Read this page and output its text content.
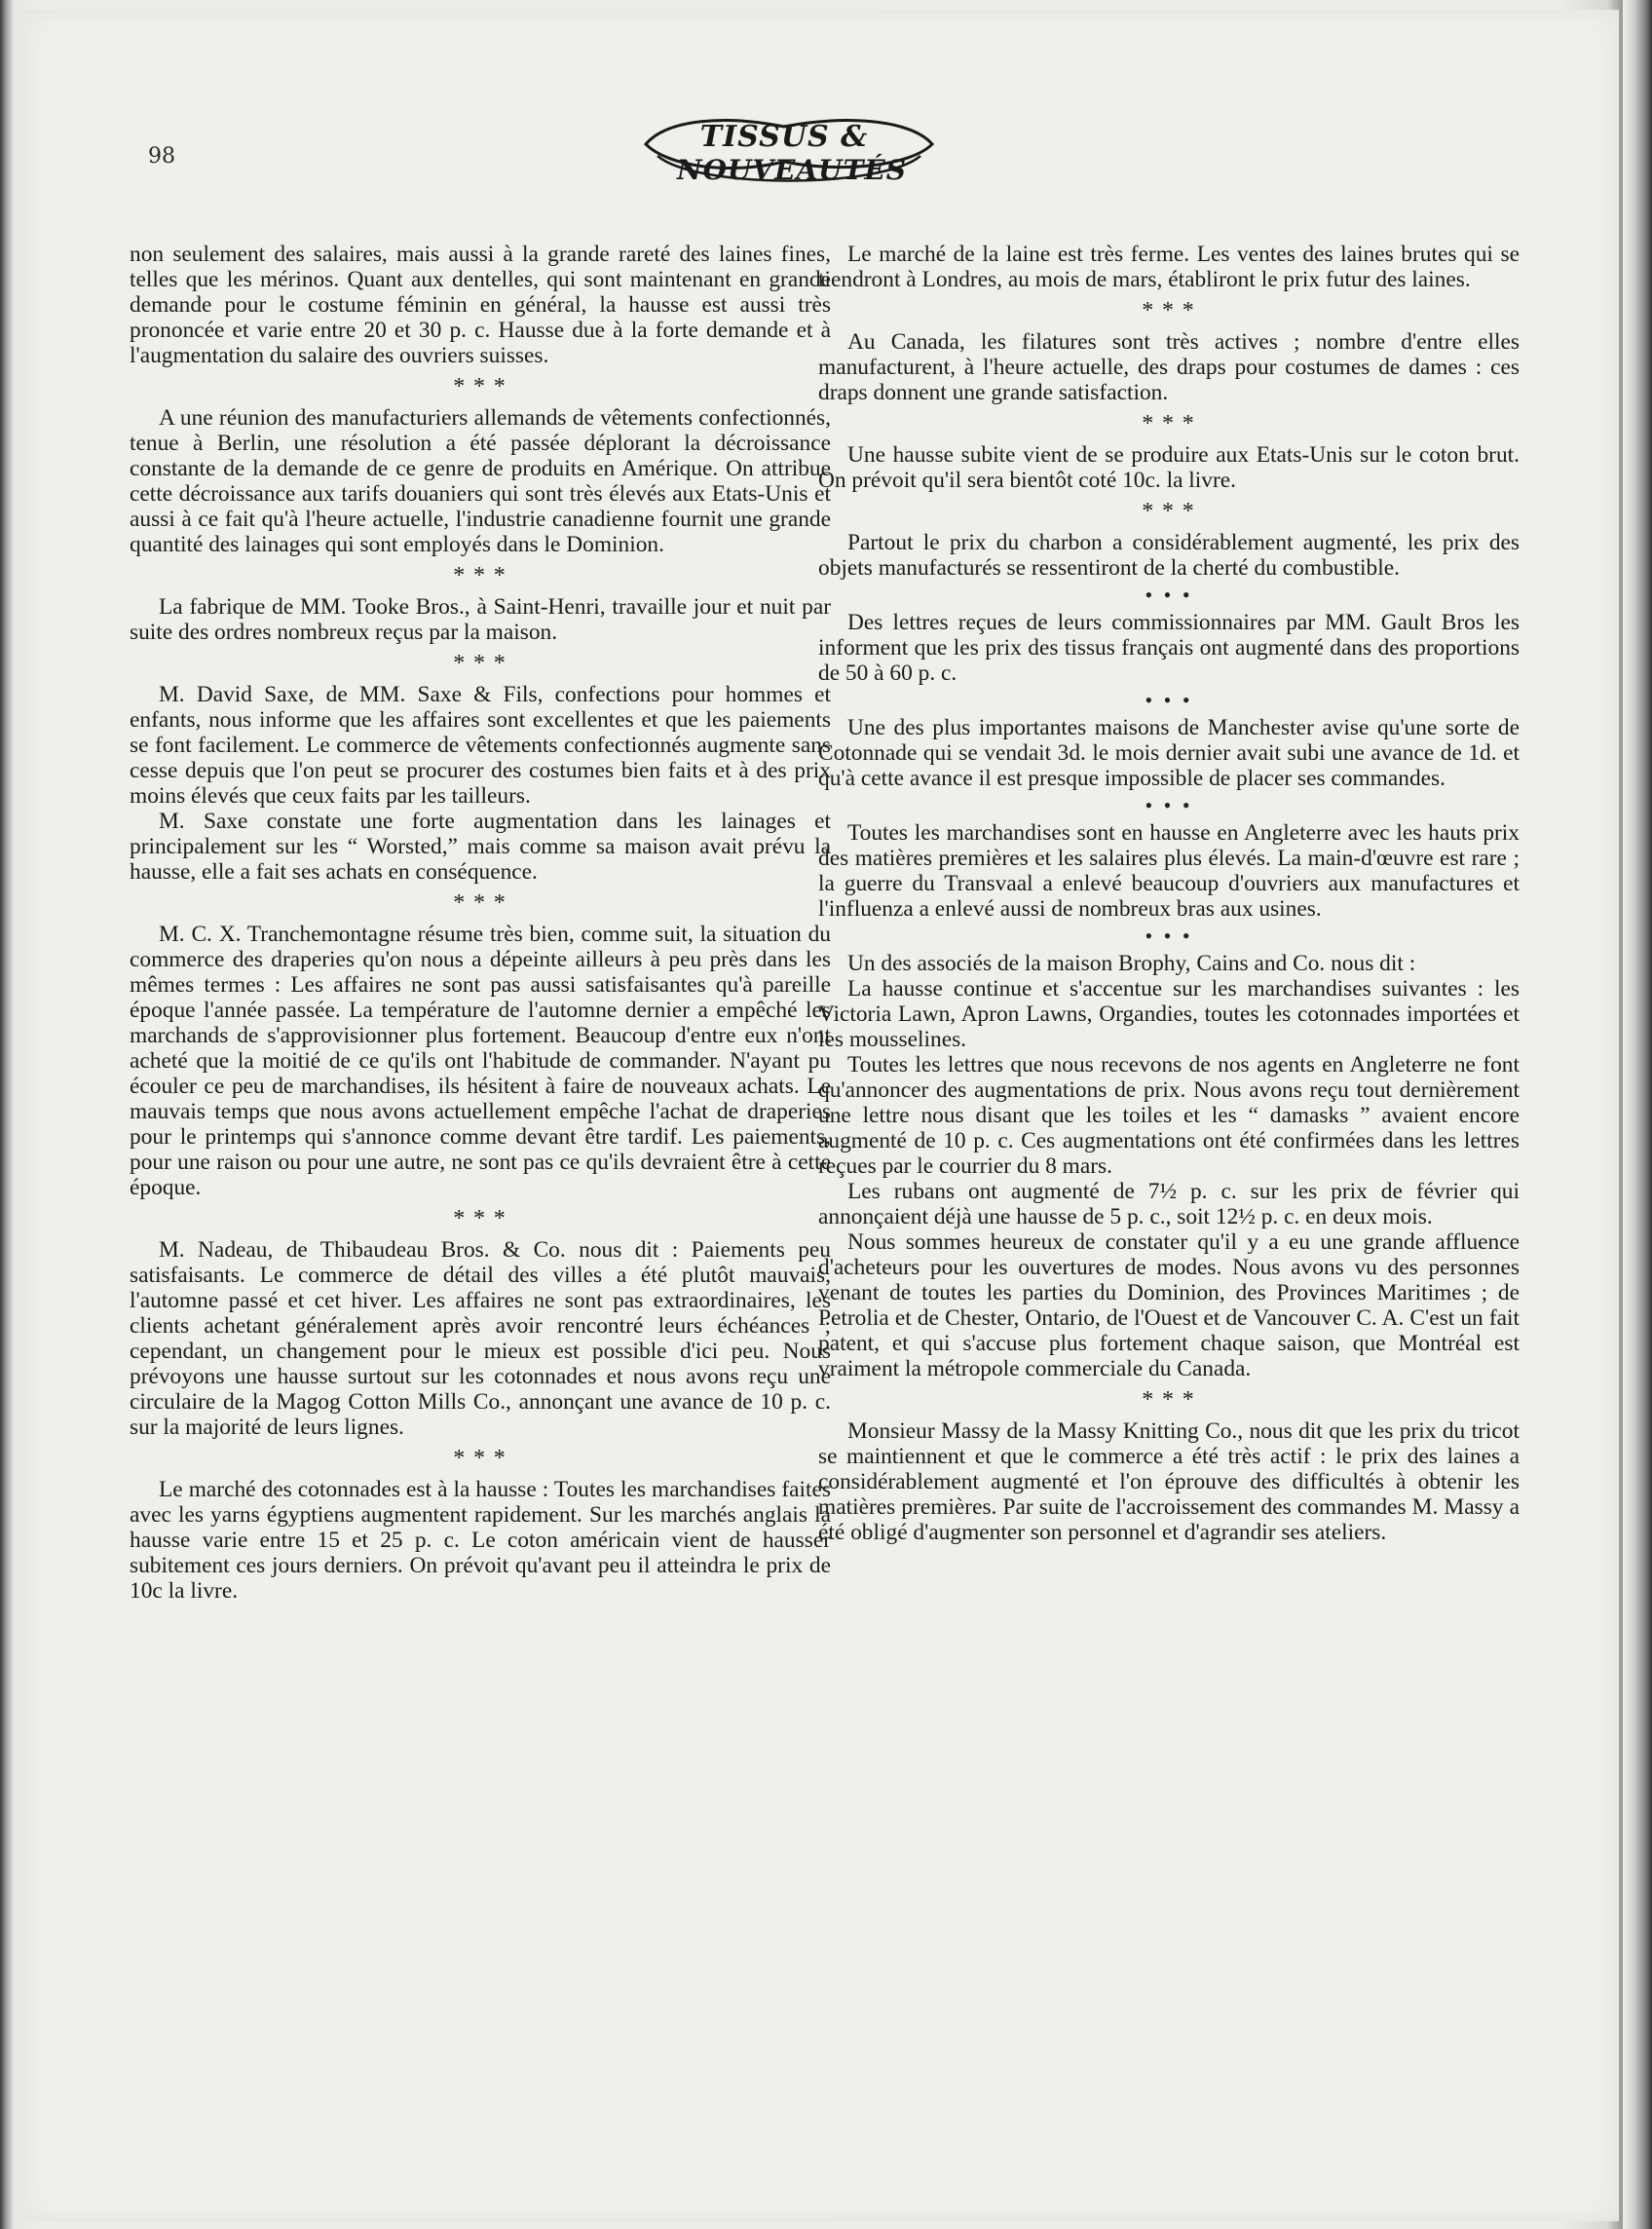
98
TISSUS &
NOUVEAUTÉS

non seulement des salaires, mais aussi à la grande rareté des laines fines, telles que les mérinos. Quant aux dentelles, qui sont maintenant en grande demande pour le costume féminin en général, la hausse est aussi très prononcée et varie entre 20 et 30 p. c. Hausse due à la forte demande et à l'augmentation du salaire des ouvriers suisses.

* * *

A une réunion des manufacturiers allemands de vêtements confectionnés, tenue à Berlin, une résolution a été passée déplorant la décroissance constante de la demande de ce genre de produits en Amérique. On attribue cette décroissance aux tarifs douaniers qui sont très élevés aux Etats-Unis et aussi à ce fait qu'à l'heure actuelle, l'industrie canadienne fournit une grande quantité des lainages qui sont employés dans le Dominion.

* * *

La fabrique de MM. Tooke Bros., à Saint-Henri, travaille jour et nuit par suite des ordres nombreux reçus par la maison.

* * *

M. David Saxe, de MM. Saxe & Fils, confections pour hommes et enfants, nous informe que les affaires sont excellentes et que les paiements se font facilement. Le commerce de vêtements confectionnés augmente sans cesse depuis que l'on peut se procurer des costumes bien faits et à des prix moins élevés que ceux faits par les tailleurs.

M. Saxe constate une forte augmentation dans les lainages et principalement sur les “ Worsted,” mais comme sa maison avait prévu la hausse, elle a fait ses achats en conséquence.

* * *

M. C. X. Tranchemontagne résume très bien, comme suit, la situation du commerce des draperies qu'on nous a dépeinte ailleurs à peu près dans les mêmes termes : Les affaires ne sont pas aussi satisfaisantes qu'à pareille époque l'année passée. La température de l'automne dernier a empêché les marchands de s'approvisionner plus fortement. Beaucoup d'entre eux n'ont acheté que la moitié de ce qu'ils ont l'habitude de commander. N'ayant pu écouler ce peu de marchandises, ils hésitent à faire de nouveaux achats. Le mauvais temps que nous avons actuellement empêche l'achat de draperies pour le printemps qui s'annonce comme devant être tardif. Les paiements, pour une raison ou pour une autre, ne sont pas ce qu'ils devraient être à cette époque.

* * *

M. Nadeau, de Thibaudeau Bros. & Co. nous dit : Paiements peu satisfaisants. Le commerce de détail des villes a été plutôt mauvais, l'automne passé et cet hiver. Les affaires ne sont pas extraordinaires, les clients achetant généralement après avoir rencontré leurs échéances ; cependant, un changement pour le mieux est possible d'ici peu. Nous prévoyons une hausse surtout sur les cotonnades et nous avons reçu une circulaire de la Magog Cotton Mills Co., annonçant une avance de 10 p. c. sur la majorité de leurs lignes.

* * *

Le marché des cotonnades est à la hausse : Toutes les marchandises faites avec les yarns égyptiens augmentent rapidement. Sur les marchés anglais la hausse varie entre 15 et 25 p. c. Le coton américain vient de hausser subitement ces jours derniers. On prévoit qu'avant peu il atteindra le prix de 10c la livre.

Le marché de la laine est très ferme. Les ventes des laines brutes qui se tiendront à Londres, au mois de mars, établiront le prix futur des laines.

* * *

Au Canada, les filatures sont très actives ; nombre d'entre elles manufacturent, à l'heure actuelle, des draps pour costumes de dames : ces draps donnent une grande satisfaction.

* * *

Une hausse subite vient de se produire aux Etats-Unis sur le coton brut. On prévoit qu'il sera bientôt coté 10c. la livre.

* * *

Partout le prix du charbon a considérablement augmenté, les prix des objets manufacturés se ressentiront de la cherté du combustible.

• • •

Des lettres reçues de leurs commissionnaires par MM. Gault Bros les informent que les prix des tissus français ont augmenté dans des proportions de 50 à 60 p. c.

• • •

Une des plus importantes maisons de Manchester avise qu'une sorte de Cotonnade qui se vendait 3d. le mois dernier avait subi une avance de 1d. et qu'à cette avance il est presque impossible de placer ses commandes.

• • •

Toutes les marchandises sont en hausse en Angleterre avec les hauts prix des matières premières et les salaires plus élevés. La main-d'œuvre est rare ; la guerre du Transvaal a enlevé beaucoup d'ouvriers aux manufactures et l'influenza a enlevé aussi de nombreux bras aux usines.

• • •

Un des associés de la maison Brophy, Cains and Co. nous dit :

La hausse continue et s'accentue sur les marchandises suivantes : les Victoria Lawn, Apron Lawns, Organdies, toutes les cotonnades importées et les mousselines.

Toutes les lettres que nous recevons de nos agents en Angleterre ne font qu'annoncer des augmentations de prix. Nous avons reçu tout dernièrement une lettre nous disant que les toiles et les “ damasks ” avaient encore augmenté de 10 p. c. Ces augmentations ont été confirmées dans les lettres reçues par le courrier du 8 mars.

Les rubans ont augmenté de 7½ p. c. sur les prix de février qui annonçaient déjà une hausse de 5 p. c., soit 12½ p. c. en deux mois.

Nous sommes heureux de constater qu'il y a eu une grande affluence d'acheteurs pour les ouvertures de modes. Nous avons vu des personnes venant de toutes les parties du Dominion, des Provinces Maritimes ; de Petrolia et de Chester, Ontario, de l'Ouest et de Vancouver C. A. C'est un fait patent, et qui s'accuse plus fortement chaque saison, que Montréal est vraiment la métropole commerciale du Canada.

* * *

Monsieur Massy de la Massy Knitting Co., nous dit que les prix du tricot se maintiennent et que le commerce a été très actif : le prix des laines a considérablement augmenté et l'on éprouve des difficultés à obtenir les matières premières. Par suite de l'accroissement des commandes M. Massy a été obligé d'augmenter son personnel et d'agrandir ses ateliers.
